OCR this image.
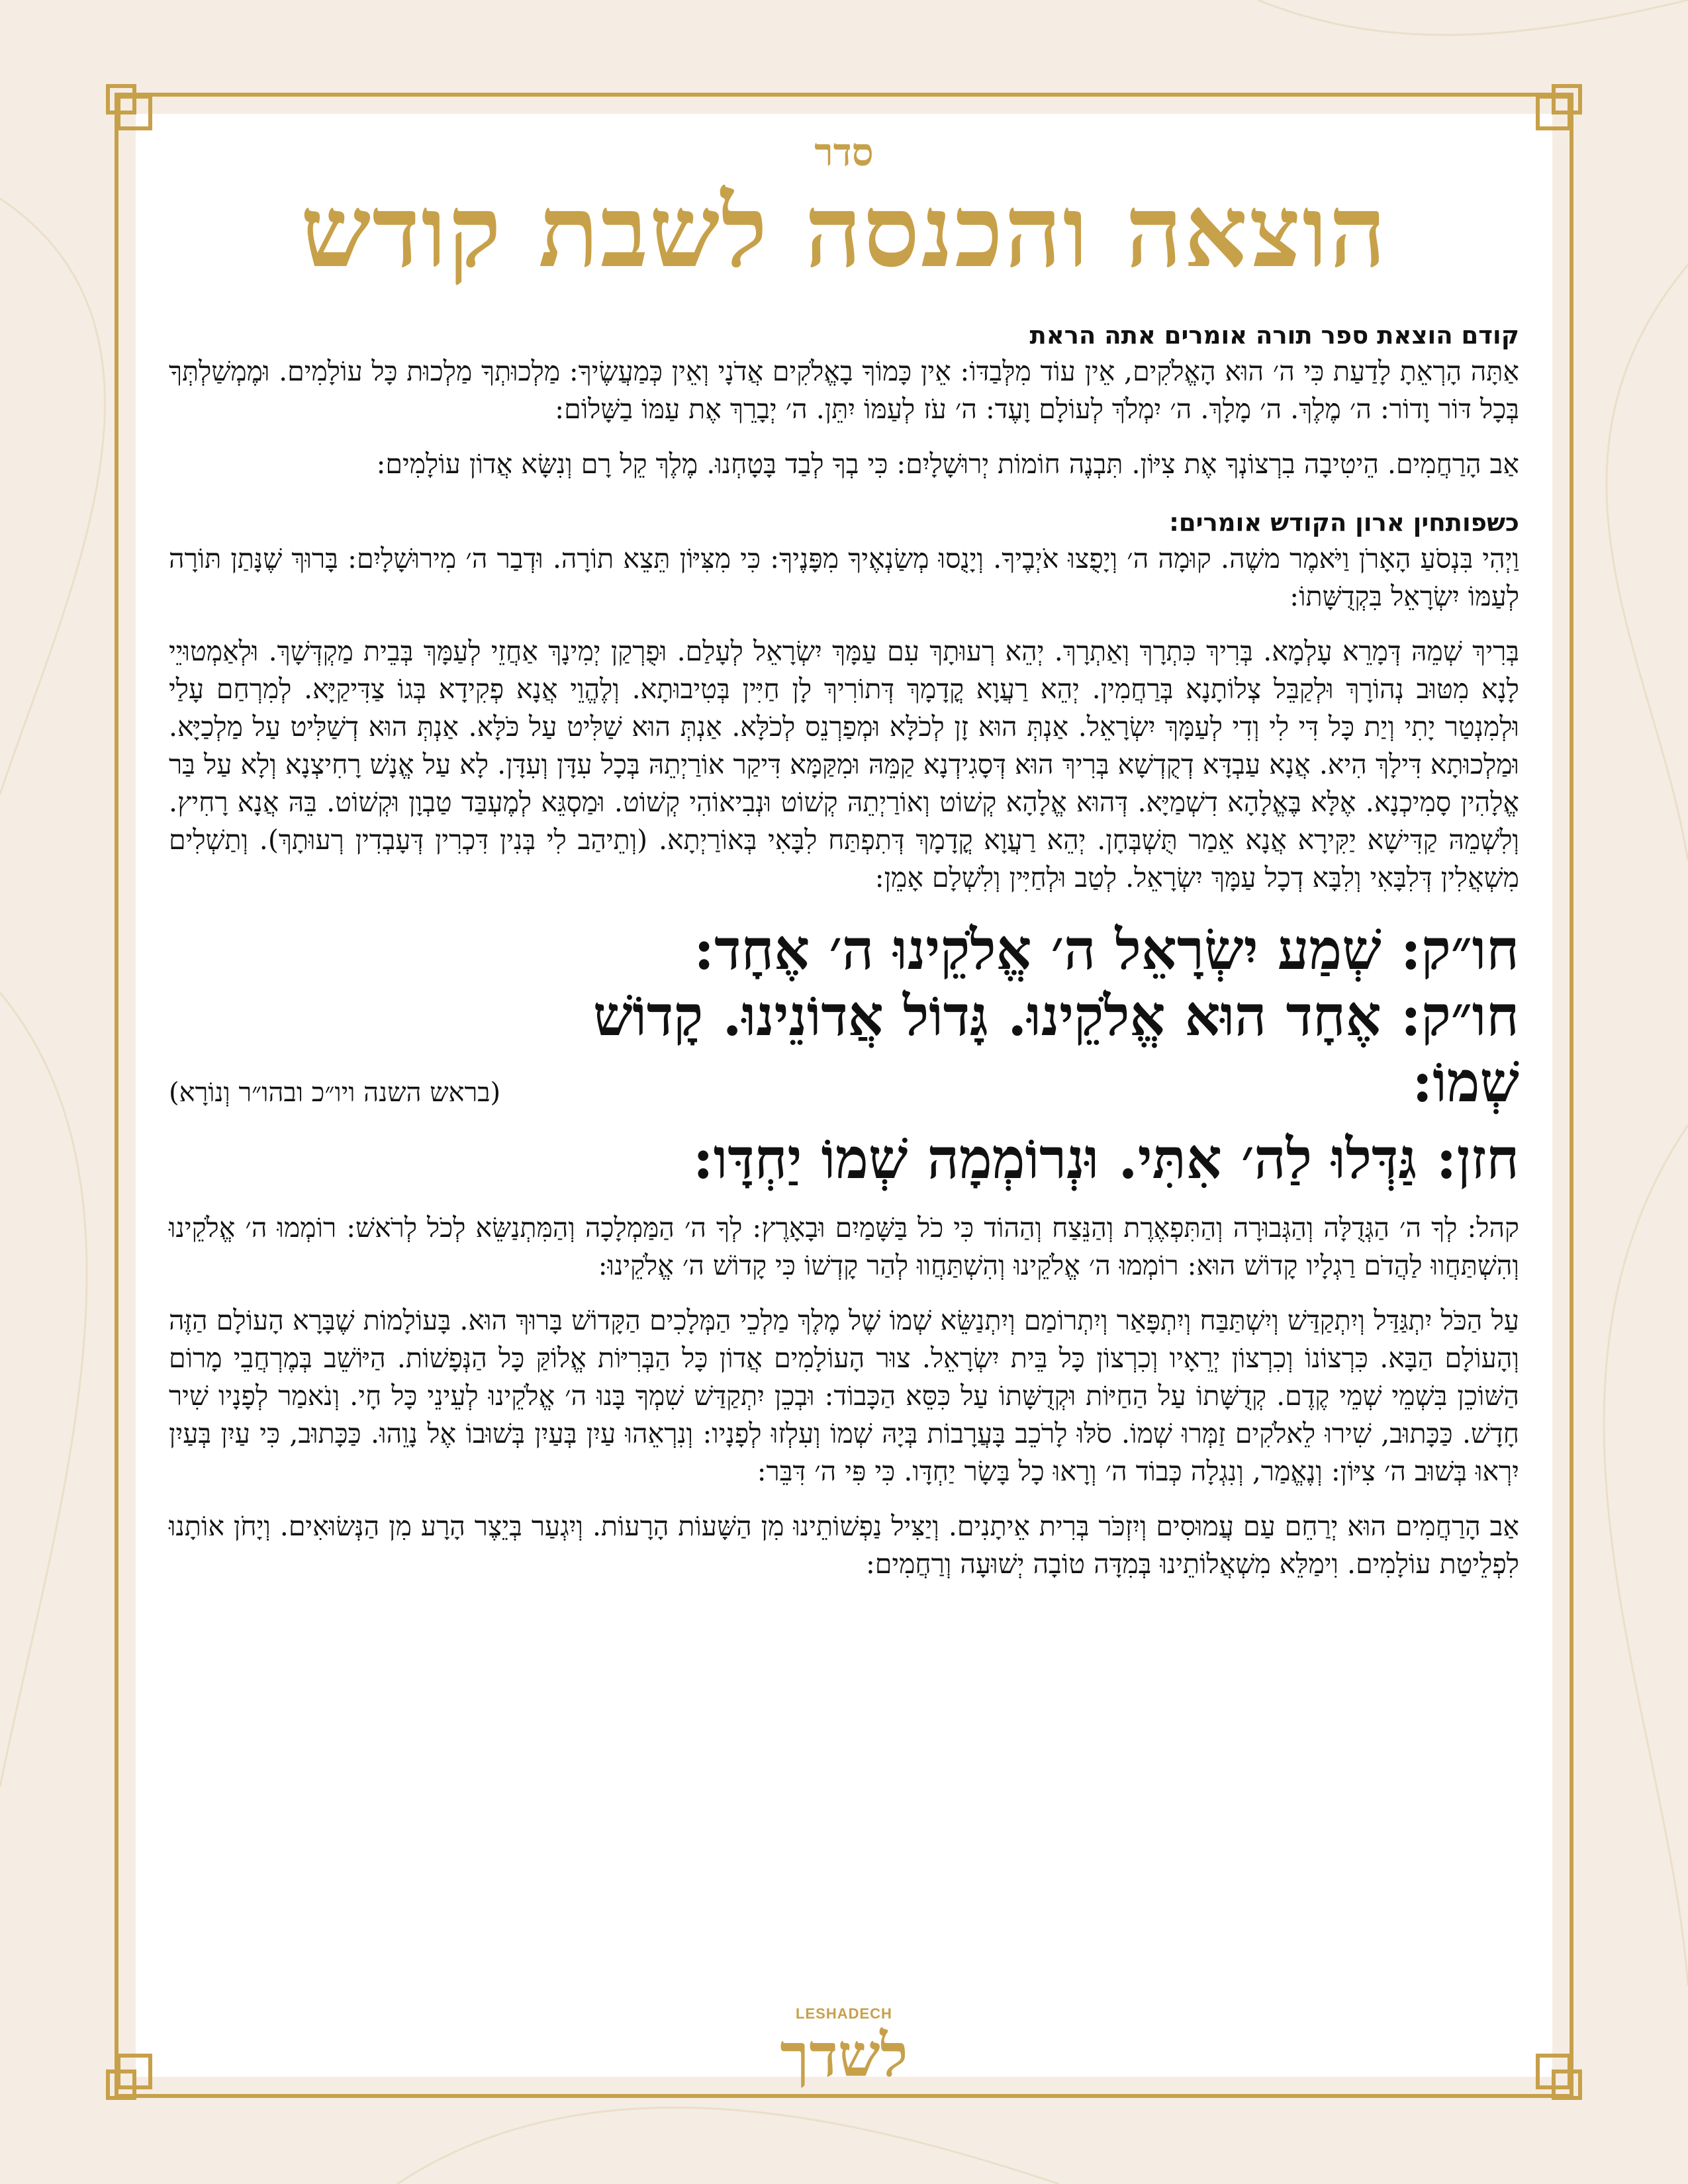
סדר

הוצאה והכנסה לשבת קודש

קודם הוצאת ספר תורה אומרים אתה הראת

אַתָּה הָרְאֵתָ לָדַעַת כִּי ה׳ הוּא הָאֱלֹקִים, אֵין עוֹד מִלְּבַדּוֹ: אֵין כָּמוֹךָ בָאֱלֹקִים אֲדֹנָי וְאֵין כְּמַעֲשֶׂיךָ: מַלְכוּתְךָ מַלְכוּת כָּל עוֹלָמִים. וּמֶמְשַׁלְתְּךָ בְּכָל דּוֹר וָדוֹר: ה׳ מֶלֶךְ. ה׳ מָלָךְ. ה׳ יִמְלֹךְ לְעוֹלָם וָעֶד: ה׳ עֹז לְעַמּוֹ יִתֵּן. ה׳ יְבָרֵךְ אֶת עַמּוֹ בַשָּׁלוֹם:

אַב הָרַחֲמִים. הֵיטִיבָה בִרְצוֹנְךָ אֶת צִיּוֹן. תִּבְנֶה חוֹמוֹת יְרוּשָׁלָיִם: כִּי בְךָ לְבַד בָּטָחְנוּ. מֶלֶךְ קֵל רָם וְנִשָּׂא אֲדוֹן עוֹלָמִים:

כשפותחין ארון הקודש אומרים:

וַיְהִי בִּנְסֹעַ הָאָרֹן וַיֹּאמֶר משֶׁה. קוּמָה ה׳ וְיָפֻצוּ אֹיְבֶיךָ. וְיָנֻסוּ מְשַׂנְאֶיךָ מִפָּנֶיךָ: כִּי מִצִּיּוֹן תֵּצֵא תוֹרָה. וּדְבַר ה׳ מִירוּשָׁלָיִם: בָּרוּךְ שֶׁנָּתַן תּוֹרָה לְעַמּוֹ יִשְׂרָאֵל בִּקְדֻשָּׁתוֹ:

בְּרִיךְ שְׁמֵהּ דְּמָרֵא עָלְמָא. בְּרִיךְ כִּתְרָךְ וְאַתְרָךְ. יְהֵא רְעוּתָךְ עִם עַמָּךְ יִשְׂרָאֵל לְעָלַם. וּפֻרְקַן יְמִינָךְ אַחֲזֵי לְעַמָּךְ בְּבֵית מַקְדְּשָׁךְ. וּלְאַמְטוּיֵי לָנָא מִטּוּב נְהוֹרָךְ וּלְקַבֵּל צְלוֹתָנָא בְּרַחֲמִין. יְהֵא רַעֲוָא קֳדָמָךְ דְּתוֹרִיךְ לָן חַיִּין בְּטִיבוּתָא. וְלֶהֱוֵי אֲנָא פְקִידָא בְּגוֹ צַדִּיקַיָּא. לְמִרְחַם עָלַי וּלְמִנְטַר יָתִי וְיַת כָּל דִּי לִי וְדִי לְעַמָּךְ יִשְׂרָאֵל. אַנְתְּ הוּא זָן לְכֹלָּא וּמְפַרְנֵס לְכֹלָּא. אַנְתְּ הוּא שַׁלִּיט עַל כֹּלָּא. אַנְתְּ הוּא דְשַׁלִּיט עַל מַלְכַיָּא. וּמַלְכוּתָא דִּילָךְ הִיא. אֲנָא עַבְדָּא דְקֻדְשָׁא בְּרִיךְ הוּא דְּסָגִידְנָא קַמֵּהּ וּמִקַּמָּא דִּיקַר אוֹרַיְתֵהּ בְּכָל עִדָּן וְעִדָּן. לָא עַל אֱנָשׁ רָחִיצְנָא וְלָא עַל בַּר אֱלָהִין סָמִיכְנָא. אֶלָּא בֶּאֱלָהָא דִשְׁמַיָּא. דְּהוּא אֱלָהָא קְשׁוֹט וְאוֹרַיְתֵהּ קְשׁוֹט וּנְבִיאוֹהִי קְשׁוֹט. וּמַסְגֵּא לְמֶעְבַּד טַבְוָן וּקְשׁוֹט. בֵּהּ אֲנָא רָחִיץ. וְלִשְׁמֵהּ קַדִּישָׁא יַקִּירָא אֲנָא אֵמַר תֻּשְׁבְּחָן. יְהֵא רַעֲוָא קֳדָמָךְ דְּתִפְתַּח לִבָּאִי בְּאוֹרַיְתָא. (וְתֵיהַב לִי בְּנִין דִּכְרִין דְּעָבְדִין רְעוּתָךְ). וְתַשְׁלִים מִשְׁאֲלִין דְּלִבָּאִי וְלִבָּא דְכָל עַמָּךְ יִשְׂרָאֵל. לְטַב וּלְחַיִּין וְלִשְׁלָם אָמֵן:

חו״ק: שְׁמַע יִשְׂרָאֵל ה׳ אֱלֹקֵינוּ ה׳ אֶחָד:

חו״ק: אֶחָד הוּא אֱלֹקֵינוּ. גָּדוֹל אֲדוֹנֵינוּ. קָדוֹשׁ

שְׁמוֹ:
(בראש השנה ויו״כ ובהו״ר וְנוֹרָא)

חזן: גַּדְּלוּ לַה׳ אִתִּי. וּנְרוֹמְמָה שְׁמוֹ יַחְדָּו:

קהל: לְךָ ה׳ הַגְּדֻלָּה וְהַגְּבוּרָה וְהַתִּפְאֶרֶת וְהַנֵּצַח וְהַהוֹד כִּי כֹל בַּשָּׁמַיִם וּבָאָרֶץ: לְךָ ה׳ הַמַּמְלָכָה וְהַמִּתְנַשֵּׂא לְכֹל לְרֹאשׁ: רוֹמְמוּ ה׳ אֱלֹקֵינוּ וְהִשְׁתַּחֲווּ לַהֲדֹם רַגְלָיו קָדוֹשׁ הוּא: רוֹמְמוּ ה׳ אֱלֹקֵינוּ וְהִשְׁתַּחֲווּ לְהַר קָדְשׁוֹ כִּי קָדוֹשׁ ה׳ אֱלֹקֵינוּ:

עַל הַכֹּל יִתְגַּדַּל וְיִתְקַדַּשׁ וְיִשְׁתַּבַּח וְיִתְפָּאַר וְיִתְרוֹמַם וְיִתְנַשֵּׂא שְׁמוֹ שֶׁל מֶלֶךְ מַלְכֵי הַמְּלָכִים הַקָּדוֹשׁ בָּרוּךְ הוּא. בָּעוֹלָמוֹת שֶׁבָּרָא הָעוֹלָם הַזֶּה וְהָעוֹלָם הַבָּא. כִּרְצוֹנוֹ וְכִרְצוֹן יְרֵאָיו וְכִרְצוֹן כָּל בֵּית יִשְׂרָאֵל. צוּר הָעוֹלָמִים אֲדוֹן כָּל הַבְּרִיּוֹת אֱלוֹקַּ כָּל הַנְּפָשׁוֹת. הַיּוֹשֵׁב בְּמֶרְחֲבֵי מָרוֹם הַשּׁוֹכֵן בִּשְׁמֵי שְׁמֵי קֶדֶם. קְדֻשָּׁתוֹ עַל הַחַיּוֹת וּקְדֻשָּׁתוֹ עַל כִּסֵּא הַכָּבוֹד: וּבְכֵן יִתְקַדַּשׁ שִׁמְךָ בָּנוּ ה׳ אֱלֹקֵינוּ לְעֵינֵי כָּל חָי. וְנֹאמַר לְפָנָיו שִׁיר חָדָשׁ. כַּכָּתוּב, שִׁירוּ לֵאלֹקִים זַמְּרוּ שְׁמוֹ. סֹלּוּ לָרֹכֵב בָּעֲרָבוֹת בְּיָהּ שְׁמוֹ וְעִלְזוּ לְפָנָיו: וְנִרְאֵהוּ עַיִן בְּעַיִן בְּשׁוּבוֹ אֶל נָוֵהוּ. כַּכָּתוּב, כִּי עַיִן בְּעַיִן יִרְאוּ בְּשׁוּב ה׳ צִיּוֹן: וְנֶאֱמַר, וְנִגְלָה כְּבוֹד ה׳ וְרָאוּ כָל בָּשָׂר יַחְדָּו. כִּי פִּי ה׳ דִּבֵּר:

אַב הָרַחֲמִים הוּא יְרַחֵם עַם עֲמוּסִים וְיִזְכֹּר בְּרִית אֵיתָנִים. וְיַצִּיל נַפְשׁוֹתֵינוּ מִן הַשָּׁעוֹת הָרָעוֹת. וְיִגְעַר בְּיֵצֶר הָרָע מִן הַנְּשׂוּאִים. וְיָחֹן אוֹתָנוּ לִפְלֵיטַת עוֹלָמִים. וִימַלֵּא מִשְׁאֲלוֹתֵינוּ בְּמִדָּה טוֹבָה יְשׁוּעָה וְרַחֲמִים:

LESHADECH
לשדך
